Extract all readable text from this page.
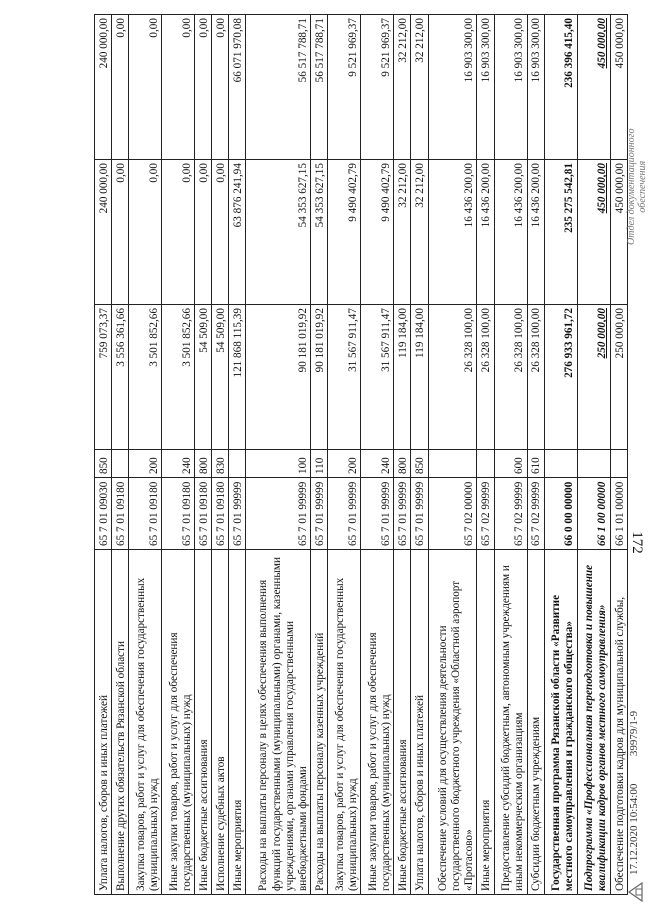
172
Уплата налогов, сборов и иных платежей	65 7 01 09030	850	759 073,37	240 000,00	240 000,00
Выполнение других обязательств Рязанской области	65 7 01 09180		3 556 361,66	0,00	0,00
Закупка товаров, работ и услуг для обеспечения государственных (муниципальных) нужд	65 7 01 09180	200	3 501 852,66	0,00	0,00
Иные закупки товаров, работ и услуг для обеспечения государственных (муниципальных) нужд	65 7 01 09180	240	3 501 852,66	0,00	0,00
Иные бюджетные ассигнования	65 7 01 09180	800	54 509,00	0,00	0,00
Исполнение судебных актов	65 7 01 09180	830	54 509,00	0,00	0,00
Иные мероприятия	65 7 01 99999		121 868 115,39	63 876 241,94	66 071 970,08
Расходы на выплаты персоналу в целях обеспечения выполнения функций государственными (муниципальными) органами, казенными учреждениями, органами управления государственными внебюджетными фондами	65 7 01 99999	100	90 181 019,92	54 353 627,15	56 517 788,71
Расходы на выплаты персоналу казенных учреждений	65 7 01 99999	110	90 181 019,92	54 353 627,15	56 517 788,71
Закупка товаров, работ и услуг для обеспечения государственных (муниципальных) нужд	65 7 01 99999	200	31 567 911,47	9 490 402,79	9 521 969,37
Иные закупки товаров, работ и услуг для обеспечения государственных (муниципальных) нужд	65 7 01 99999	240	31 567 911,47	9 490 402,79	9 521 969,37
Иные бюджетные ассигнования	65 7 01 99999	800	119 184,00	32 212,00	32 212,00
Уплата налогов, сборов и иных платежей	65 7 01 99999	850	119 184,00	32 212,00	32 212,00
Обеспечение условий для осуществления деятельности государственного бюджетного учреждения «Областной аэропорт «Протасово»	65 7 02 00000		26 328 100,00	16 436 200,00	16 903 300,00
Иные мероприятия	65 7 02 99999		26 328 100,00	16 436 200,00	16 903 300,00
Предоставление субсидий бюджетным, автономным учреждениям и иным некоммерческим организациям	65 7 02 99999	600	26 328 100,00	16 436 200,00	16 903 300,00
Субсидии бюджетным учреждениям	65 7 02 99999	610	26 328 100,00	16 436 200,00	16 903 300,00
Государственная программа Рязанской области «Развитие местного самоуправления и гражданского общества»	66 0 00 00000		276 933 961,72	235 275 542,81	236 396 415,40
Подпрограмма «Профессиональная переподготовка и повышение квалификации кадров органов местного самоуправления»	66 1 00 00000		250 000,00	450 000,00	450 000,00
Обеспечение подготовки кадров для муниципальной службы,	66 1 01 00000		250 000,00	450 000,00	450 000,00
17.12.2020 10:54:00          39979/1-9
Отдел документационного обеспечения
